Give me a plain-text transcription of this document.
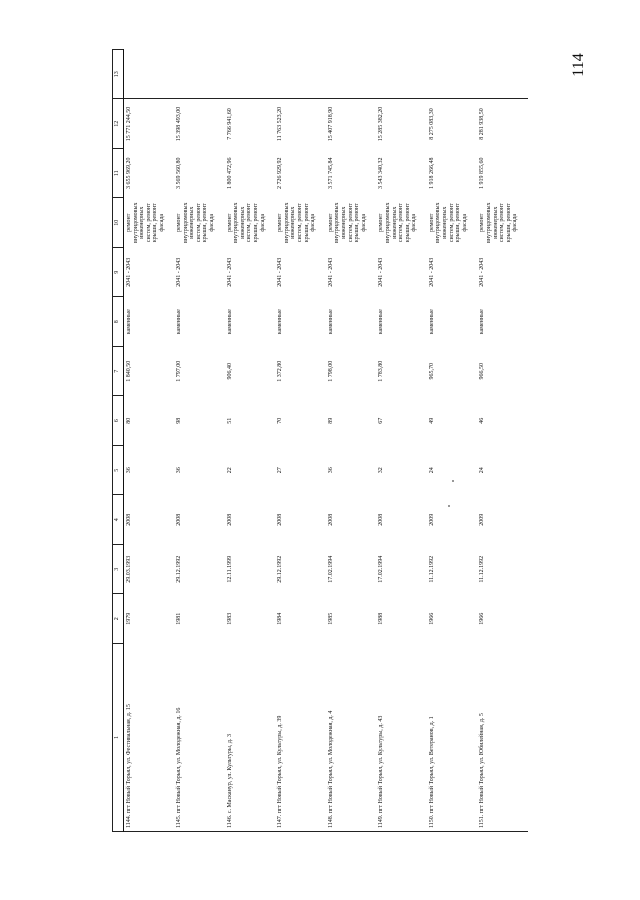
114
1	2	3	4	5	6	7	8	9	10	11	12	13
1144. пгт Новый Торьял, ул. Фестивальная, д. 15	1979	29.03.1993	2008	36	80	1 840,50	каменные	2041 - 2043	ремонт внутридомовых инженерных систем, ремонт крыши, ремонт фасада	3 655 969,20	15 771 244,50	
1145. пгт Новый Торьял, ул. Молодежная, д. 16	1981	29.12.1992	2008	36	98	1 797,00	каменные	2041 - 2043	ремонт внутридомовых инженерных систем, ремонт крыши, ремонт фасада	3 569 560,80	15 398 493,00	
1146. с. Масканур, ул. Культуры, д. 3	1983	12.11.1999	2008	22	51	906,40	каменные	2041 - 2043	ремонт внутридомовых инженерных систем, ремонт крыши, ремонт фасада	1 800 472,96	7 766 941,60	
1147. пгт Новый Торьял, ул. Культуры, д. 39	1984	29.12.1992	2008	27	70	1 372,80	каменные	2041 - 2043	ремонт внутридомовых инженерных систем, ремонт крыши, ремонт фасада	2 726 929,92	11 763 523,20	
1148. пгт Новый Торьял, ул. Молодежная, д. 4	1985	17.02.1994	2008	36	89	1 798,00	каменные	2041 - 2043	ремонт внутридомовых инженерных систем, ремонт крыши, ремонт фасада	3 571 745,84	15 407 918,90	
1149. пгт Новый Торьял, ул. Культуры, д. 43	1988	17.02.1994	2008	32	67	1 783,80	каменные	2041 - 2043	ремонт внутридомовых инженерных систем, ремонт крыши, ремонт фасада	3 543 340,32	15 285 382,20	
1150. пгт Новый Торьял, ул. Ветеранов, д. 1	1966	11.12.1992	2009	24	49	965,70	каменные	2041 - 2043	ремонт внутридомовых инженерных систем, ремонт крыши, ремонт фасада	1 918 266,48	8 275 083,30	
1151. пгт Новый Торьял, ул. Юбилейная, д. 5	1966	11.12.1992	2009	24	46	966,50	каменные	2041 - 2043	ремонт внутридомовых инженерных систем, ремонт крыши, ремонт фасада	1 919 855,60	8 281 938,50	
